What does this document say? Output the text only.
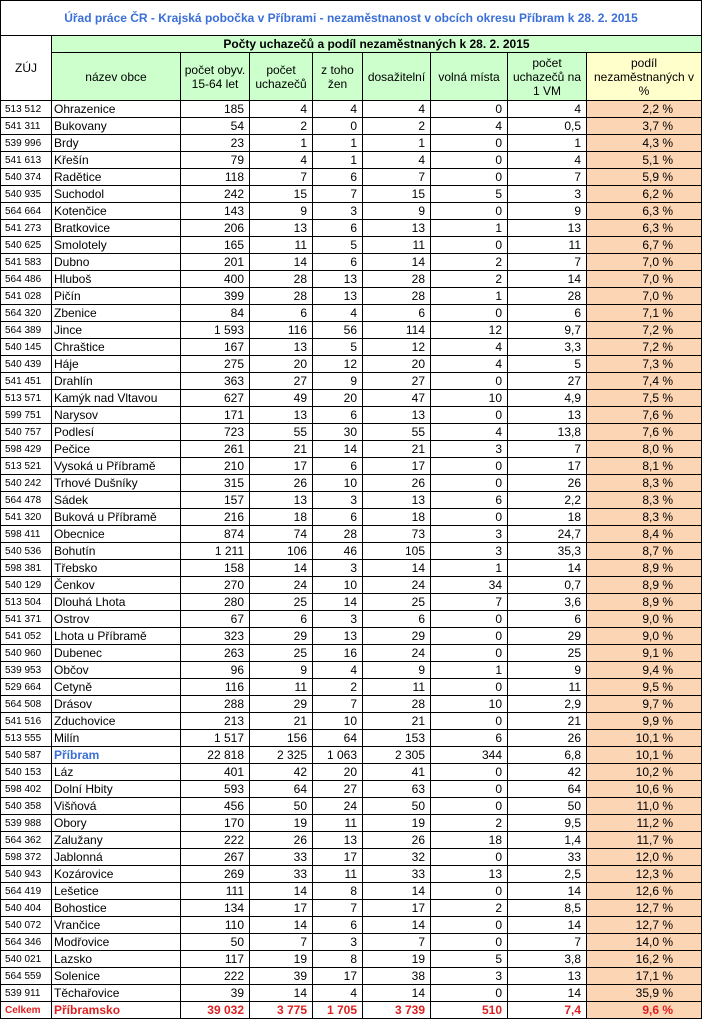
Úřad práce ČR - Krajská pobočka v Příbrami - nezaměstnanost v obcích okresu Příbram k 28. 2. 2015								
ZÚJ	Počty uchazečů a podíl nezaměstnaných k 28. 2. 2015							
	název obce	počet obyv. 15-64 let	počet uchazečů	z toho žen	dosažitelní	volná místa	počet uchazečů na 1 VM	podíl nezaměstnaných v %
513 512	Ohrazenice	185	4	4	4	0	4	2,2 %
541 311	Bukovany	54	2	0	2	4	0,5	3,7 %
539 996	Brdy	23	1	1	1	0	1	4,3 %
541 613	Křešín	79	4	1	4	0	4	5,1 %
540 374	Radětice	118	7	6	7	0	7	5,9 %
540 935	Suchodol	242	15	7	15	5	3	6,2 %
564 664	Kotenčice	143	9	3	9	0	9	6,3 %
541 273	Bratkovice	206	13	6	13	1	13	6,3 %
540 625	Smolotely	165	11	5	11	0	11	6,7 %
541 583	Dubno	201	14	6	14	2	7	7,0 %
564 486	Hluboš	400	28	13	28	2	14	7,0 %
541 028	Pičín	399	28	13	28	1	28	7,0 %
564 320	Zbenice	84	6	4	6	0	6	7,1 %
564 389	Jince	1 593	116	56	114	12	9,7	7,2 %
540 145	Chraštice	167	13	5	12	4	3,3	7,2 %
540 439	Háje	275	20	12	20	4	5	7,3 %
541 451	Drahlín	363	27	9	27	0	27	7,4 %
513 571	Kamýk nad Vltavou	627	49	20	47	10	4,9	7,5 %
599 751	Narysov	171	13	6	13	0	13	7,6 %
540 757	Podlesí	723	55	30	55	4	13,8	7,6 %
598 429	Pečice	261	21	14	21	3	7	8,0 %
513 521	Vysoká u Příbramě	210	17	6	17	0	17	8,1 %
540 242	Trhové Dušníky	315	26	10	26	0	26	8,3 %
564 478	Sádek	157	13	3	13	6	2,2	8,3 %
541 320	Buková u Příbramě	216	18	6	18	0	18	8,3 %
598 411	Obecnice	874	74	28	73	3	24,7	8,4 %
540 536	Bohutín	1 211	106	46	105	3	35,3	8,7 %
598 381	Třebsko	158	14	3	14	1	14	8,9 %
540 129	Čenkov	270	24	10	24	34	0,7	8,9 %
513 504	Dlouhá Lhota	280	25	14	25	7	3,6	8,9 %
541 371	Ostrov	67	6	3	6	0	6	9,0 %
541 052	Lhota u Příbramě	323	29	13	29	0	29	9,0 %
540 960	Dubenec	263	25	16	24	0	25	9,1 %
539 953	Občov	96	9	4	9	1	9	9,4 %
529 664	Cetyně	116	11	2	11	0	11	9,5 %
564 508	Drásov	288	29	7	28	10	2,9	9,7 %
541 516	Zduchovice	213	21	10	21	0	21	9,9 %
513 555	Milín	1 517	156	64	153	6	26	10,1 %
540 587	Příbram	22 818	2 325	1 063	2 305	344	6,8	10,1 %
540 153	Láz	401	42	20	41	0	42	10,2 %
598 402	Dolní Hbity	593	64	27	63	0	64	10,6 %
540 358	Višňová	456	50	24	50	0	50	11,0 %
539 988	Obory	170	19	11	19	2	9,5	11,2 %
564 362	Zalužany	222	26	13	26	18	1,4	11,7 %
598 372	Jablonná	267	33	17	32	0	33	12,0 %
540 943	Kozárovice	269	33	11	33	13	2,5	12,3 %
564 419	Lešetice	111	14	8	14	0	14	12,6 %
540 404	Bohostice	134	17	7	17	2	8,5	12,7 %
540 072	Vrančice	110	14	6	14	0	14	12,7 %
564 346	Modřovice	50	7	3	7	0	7	14,0 %
540 021	Lazsko	117	19	8	19	5	3,8	16,2 %
564 559	Solenice	222	39	17	38	3	13	17,1 %
539 911	Těchařovice	39	14	4	14	0	14	35,9 %
Celkem	Příbramsko	39 032	3 775	1 705	3 739	510	7,4	9,6 %
